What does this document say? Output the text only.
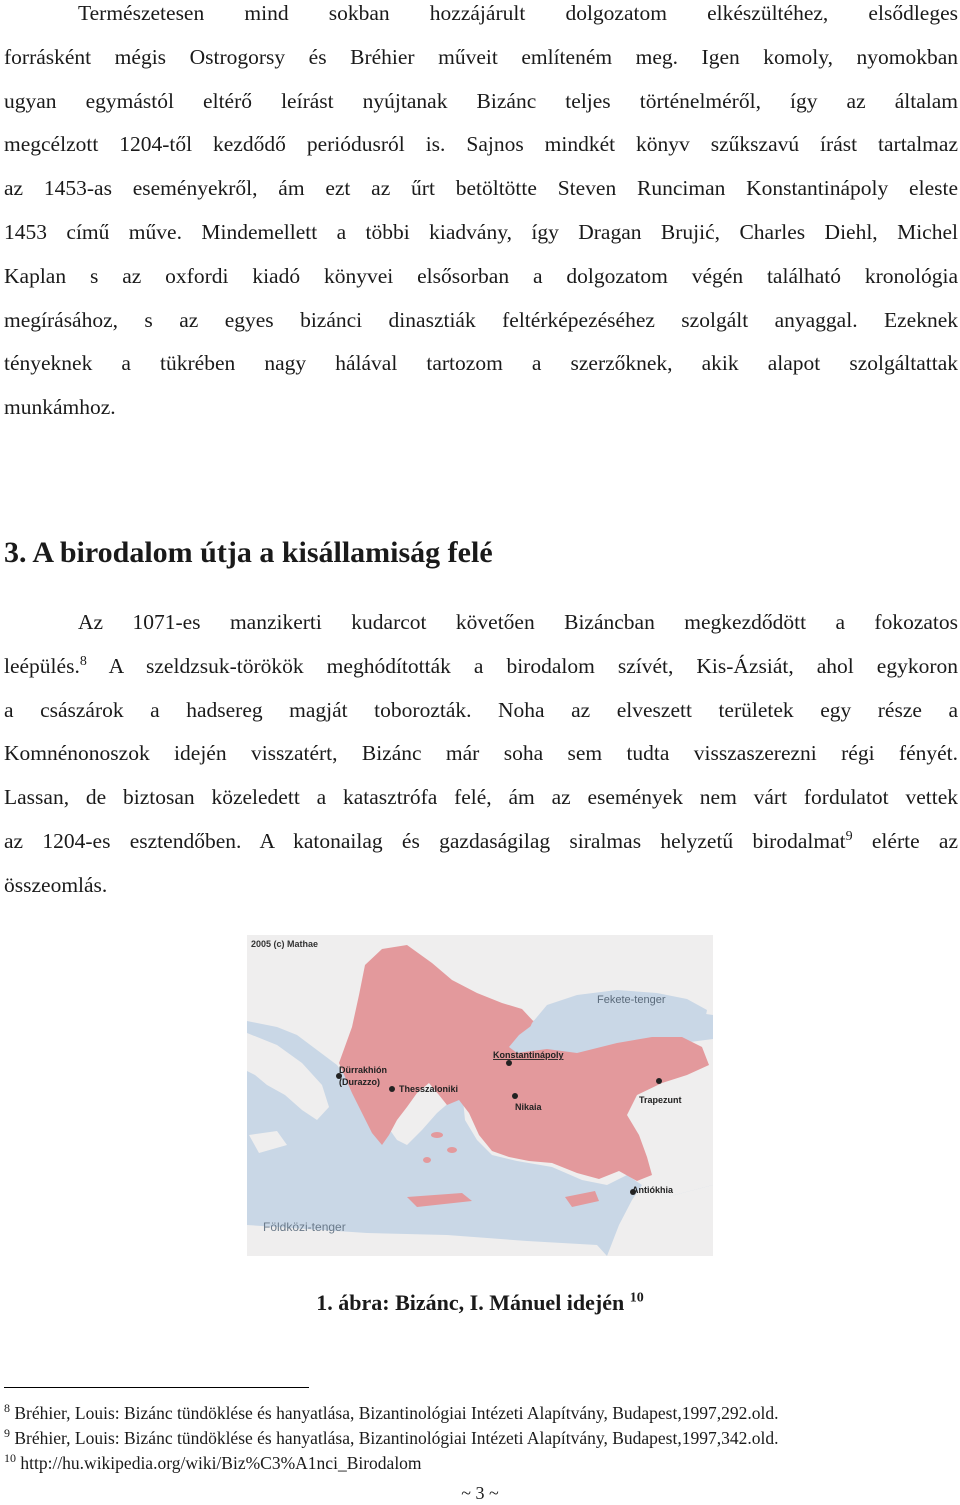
Természetesen mind sokban hozzájárult dolgozatom elkészültéhez, elsődleges
forrásként mégis Ostrogorsy és Bréhier műveit említeném meg. Igen komoly, nyomokban
ugyan egymástól eltérő leírást nyújtanak Bizánc teljes történelméről, így az általam
megcélzott 1204-től kezdődő periódusról is. Sajnos mindkét könyv szűkszavú írást tartalmaz
az 1453-as eseményekről, ám ezt az űrt betöltötte Steven Runciman Konstantinápoly eleste
1453 című műve. Mindemellett a többi kiadvány, így Dragan Brujić, Charles Diehl, Michel
Kaplan s az oxfordi kiadó könyvei elsősorban a dolgozatom végén található kronológia
megírásához, s az egyes bizánci dinasztiák feltérképezéséhez szolgált anyaggal. Ezeknek
tényeknek a tükrében nagy hálával tartozom a szerzőknek, akik alapot szolgáltattak
munkámhoz.
3. A birodalom útja a kisállamiság felé
Az 1071-es manzikerti kudarcot követően Bizáncban megkezdődött a fokozatos
leépülés.$^8$ A szeldzsuk-törökök meghódították a birodalom szívét, Kis-Ázsiát, ahol egykoron
a császárok a hadsereg magját toborozták. Noha az elveszett területek egy része a
Komnénonoszok idején visszatért, Bizánc már soha sem tudta visszaszerezni régi fényét.
Lassan, de biztosan közeledett a katasztrófa felé, ám az események nem várt fordulatot vettek
az 1204-es esztendőben. A katonailag és gazdaságilag siralmas helyzetű birodalmat$^9$ elérte az
összeomlás.
2005 (c) Mathae
Fekete-tenger
Földközi-tenger
Dürrakhión
(Durazzo)
Thesszaloniki
Konstantinápoly
Nikaia
Trapezunt
Antiókhia
1. ábra: Bizánc, I. Mánuel idején $^{10}$
$^8$ Bréhier, Louis: Bizánc tündöklése és hanyatlása, Bizantinológiai Intézeti Alapítvány, Budapest,1997,292.old.
$^9$ Bréhier, Louis: Bizánc tündöklése és hanyatlása, Bizantinológiai Intézeti Alapítvány, Budapest,1997,342.old.
$^{10}$ http://hu.wikipedia.org/wiki/Biz%C3%A1nci_Birodalom
~ 3 ~
